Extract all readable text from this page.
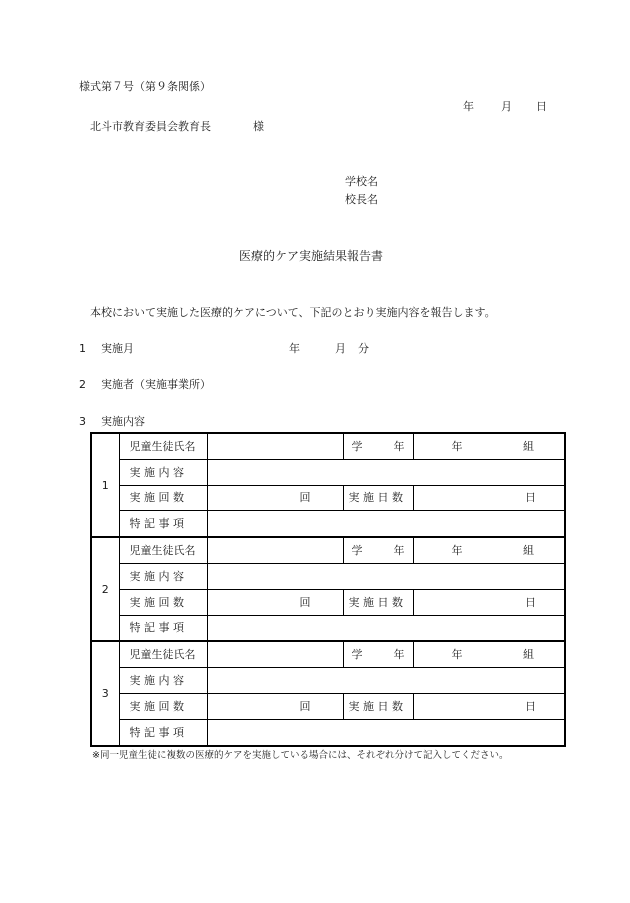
様式第７号（第９条関係）
年 月 日
北斗市教育委員会教育長	様
学校名
校長名
医療的ケア実施結果報告書
本校において実施した医療的ケアについて、下記のとおり実施内容を報告します。
1 実施月	年	月 分
2 実施者（実施事業所）
3 実施内容
1	児童生徒氏名		学 年	年 組

	実 施 内 容			
	実 施 回 数	回	実 施 日 数	日
	特 記 事 項			
2	児童生徒氏名		学 年	年 組

	実 施 内 容			
	実 施 回 数	回	実 施 日 数	日
	特 記 事 項			
3	児童生徒氏名		学 年	年 組

	実 施 内 容			
	実 施 回 数	回	実 施 日 数	日
	特 記 事 項			
※同一児童生徒に複数の医療的ケアを実施している場合には、それぞれ分けて記入してください。
